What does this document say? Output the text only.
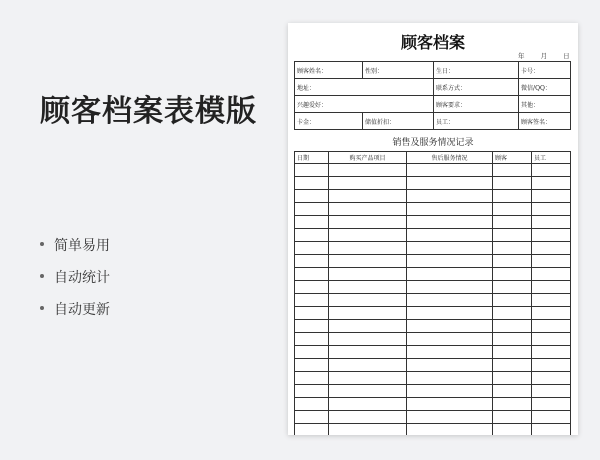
顾客档案表模版
简单易用
自动统计
自动更新
顾客档案
年 月 日
顾客姓名：	性别：	生日：	卡号：
地址：		联系方式：	微信/QQ：
兴趣爱好：		顾客要求：	其他：
卡金：	储值折扣：	员工：	顾客签名：
销售及服务情况记录
日期	购买产品项目	售后服务情况	顾客	员工
